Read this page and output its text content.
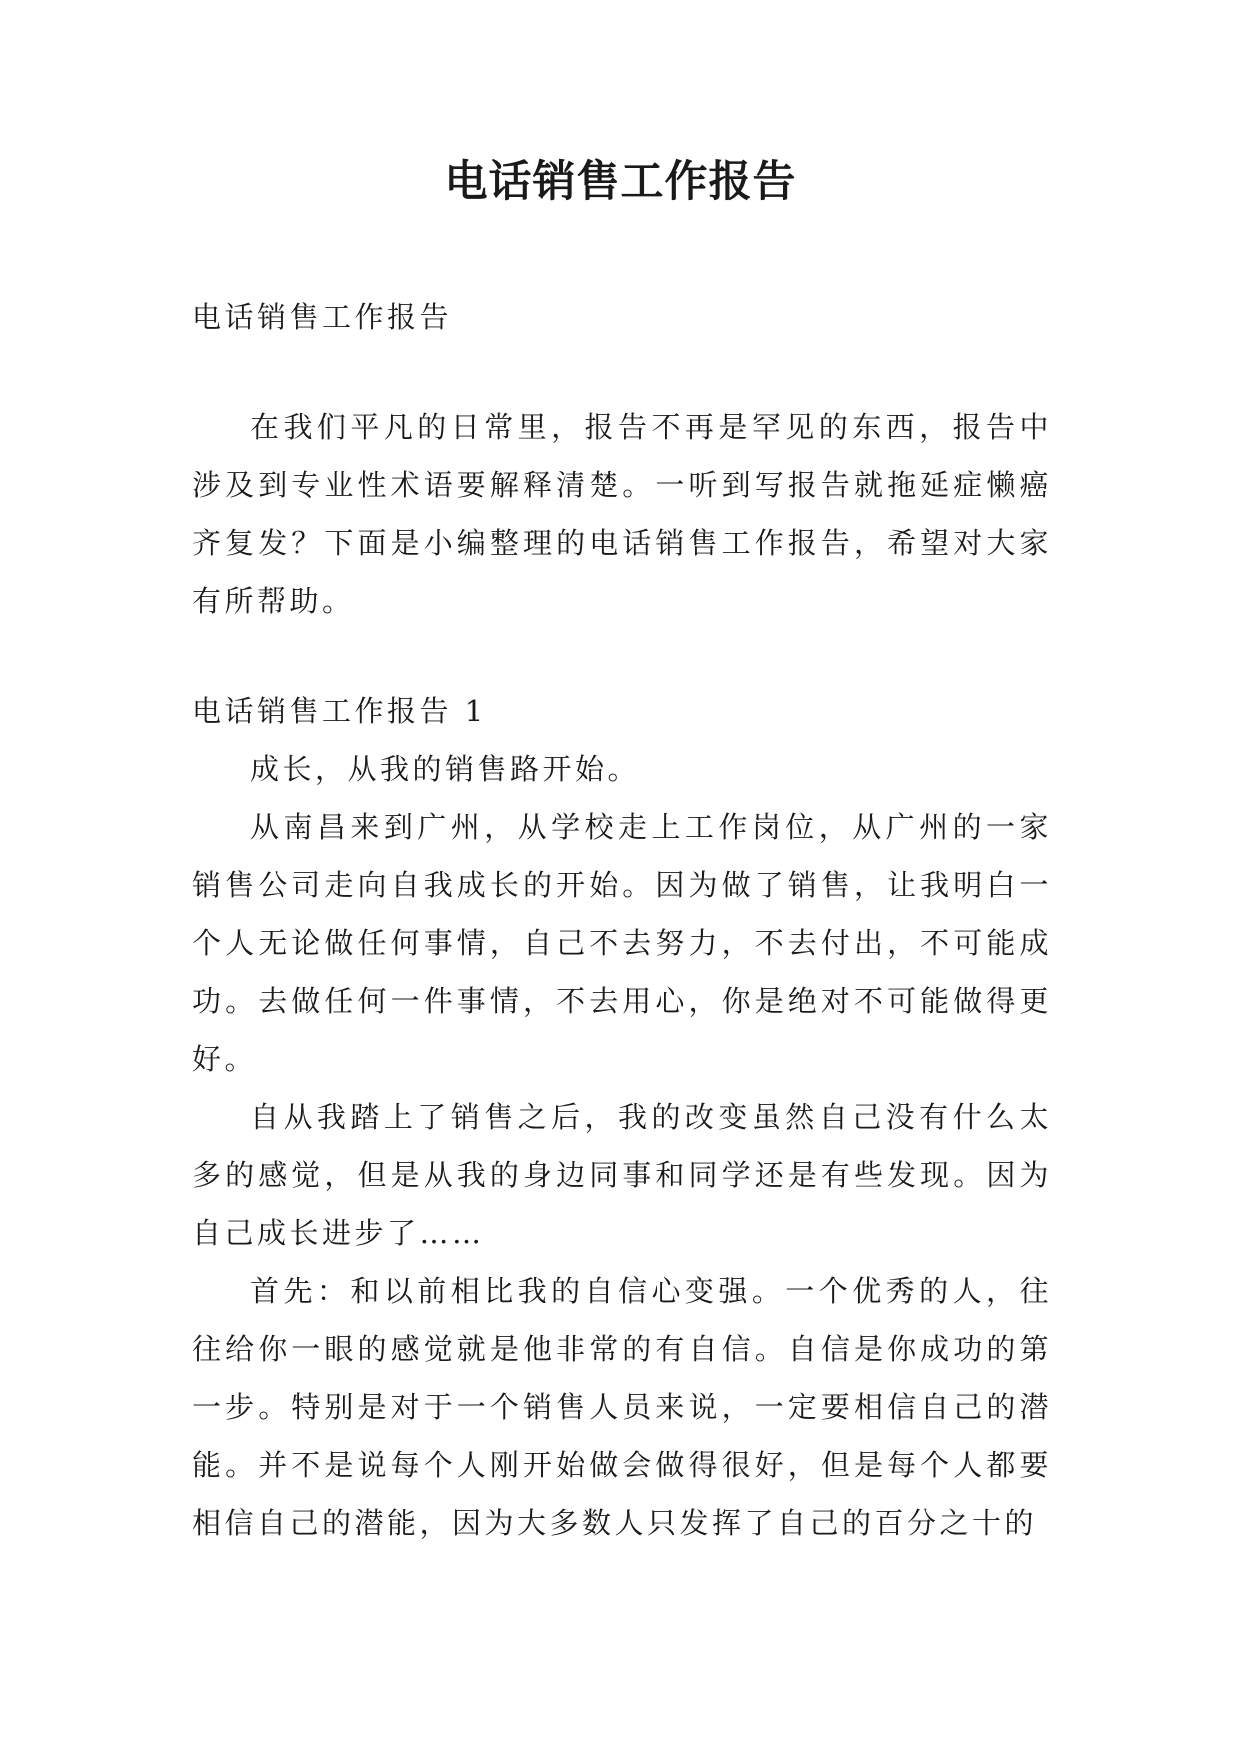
电话销售工作报告

电话销售工作报告

在我们平凡的日常里，报告不再是罕见的东西，报告中涉及到专业性术语要解释清楚。一听到写报告就拖延症懒癌齐复发？下面是小编整理的电话销售工作报告，希望对大家有所帮助。

电话销售工作报告 1

成长，从我的销售路开始。

从南昌来到广州，从学校走上工作岗位，从广州的一家销售公司走向自我成长的开始。因为做了销售，让我明白一个人无论做任何事情，自己不去努力，不去付出，不可能成功。去做任何一件事情，不去用心，你是绝对不可能做得更好。

自从我踏上了销售之后，我的改变虽然自己没有什么太多的感觉，但是从我的身边同事和同学还是有些发现。因为自己成长进步了……

首先：和以前相比我的自信心变强。一个优秀的人，往往给你一眼的感觉就是他非常的有自信。自信是你成功的第一步。特别是对于一个销售人员来说，一定要相信自己的潜能。并不是说每个人刚开始做会做得很好，但是每个人都要相信自己的潜能，因为大多数人只发挥了自己的百分之十的
